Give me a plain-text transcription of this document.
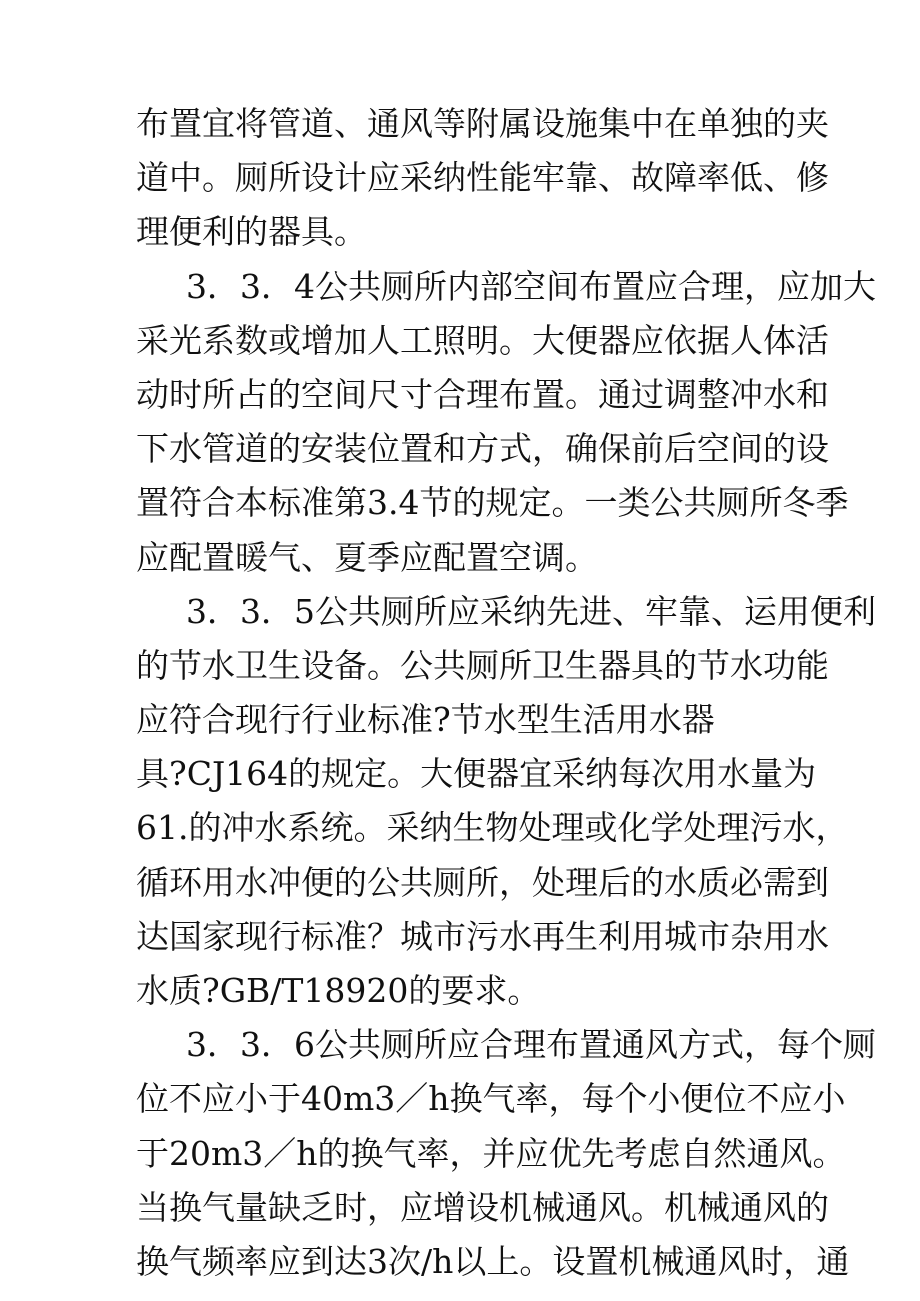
布置宜将管道、通风等附属设施集中在单独的夹
道中。厕所设计应采纳性能牢靠、故障率低、修
理便利的器具。
3．3．4公共厕所内部空间布置应合理，应加大
采光系数或增加人工照明。大便器应依据人体活
动时所占的空间尺寸合理布置。通过调整冲水和
下水管道的安装位置和方式，确保前后空间的设
置符合本标准第3.4节的规定。一类公共厕所冬季
应配置暖气、夏季应配置空调。
3．3．5公共厕所应采纳先进、牢靠、运用便利
的节水卫生设备。公共厕所卫生器具的节水功能
应符合现行行业标准?节水型生活用水器
具?CJ164的规定。大便器宜采纳每次用水量为
61.的冲水系统。采纳生物处理或化学处理污水，
循环用水冲便的公共厕所，处理后的水质必需到
达国家现行标准？城市污水再生利用城市杂用水
水质?GB/T18920的要求。
3．3．6公共厕所应合理布置通风方式，每个厕
位不应小于40m3／h换气率，每个小便位不应小
于20m3／h的换气率，并应优先考虑自然通风。
当换气量缺乏时，应增设机械通风。机械通风的
换气频率应到达3次/h以上。设置机械通风时，通
